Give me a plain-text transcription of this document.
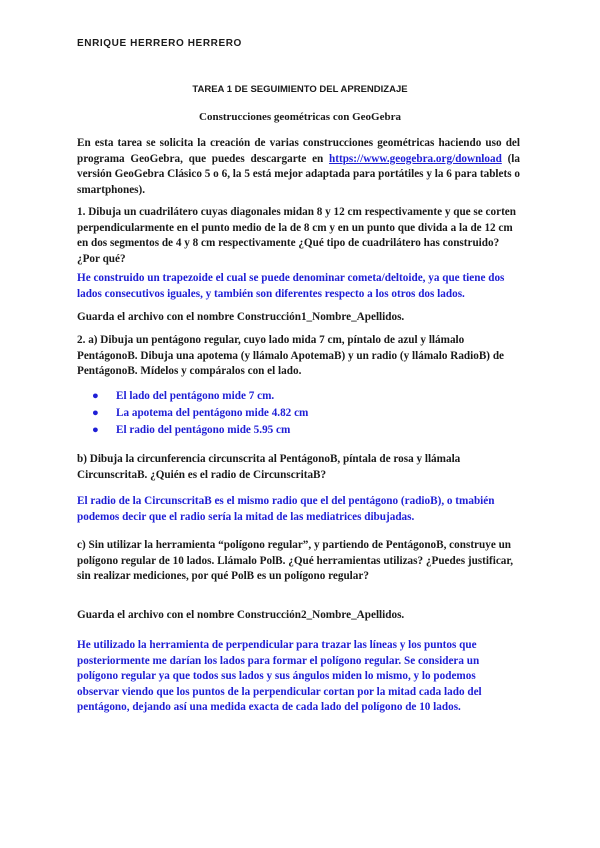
ENRIQUE HERRERO HERRERO
TAREA 1 DE SEGUIMIENTO DEL APRENDIZAJE
Construcciones geométricas con GeoGebra

En esta tarea se solicita la creación de varias construcciones geométricas haciendo uso del programa GeoGebra, que puedes descargarte en https://www.geogebra.org/download (la versión GeoGebra Clásico 5 o 6, la 5 está mejor adaptada para portátiles y la 6 para tablets o smartphones).

1. Dibuja un cuadrilátero cuyas diagonales midan 8 y 12 cm respectivamente y que se corten perpendicularmente en el punto medio de la de 8 cm y en un punto que divida a la de 12 cm en dos segmentos de 4 y 8 cm respectivamente ¿Qué tipo de cuadrilátero has construido? ¿Por qué?

He construido un trapezoide el cual se puede denominar cometa/deltoide, ya que tiene dos lados consecutivos iguales, y también son diferentes respecto a los otros dos lados.

Guarda el archivo con el nombre Construcción1_Nombre_Apellidos.

2. a) Dibuja un pentágono regular, cuyo lado mida 7 cm, píntalo de azul y llámalo PentágonoB. Dibuja una apotema (y llámalo ApotemaB) y un radio (y llámalo RadioB) de PentágonoB. Mídelos y compáralos con el lado.

● El lado del pentágono mide 7 cm.
● La apotema del pentágono mide 4.82 cm
● El radio del pentágono mide 5.95 cm

b) Dibuja la circunferencia circunscrita al PentágonoB, píntala de rosa y llámala CircunscritaB. ¿Quién es el radio de CircunscritaB?

El radio de la CircunscritaB es el mismo radio que el del pentágono (radioB), o tmabién podemos decir que el radio sería la mitad de las mediatrices dibujadas.

c) Sin utilizar la herramienta “polígono regular”, y partiendo de PentágonoB, construye un polígono regular de 10 lados. Llámalo PolB. ¿Qué herramientas utilizas? ¿Puedes justificar, sin realizar mediciones, por qué PolB es un polígono regular?

Guarda el archivo con el nombre Construcción2_Nombre_Apellidos.

He utilizado la herramienta de perpendicular para trazar las líneas y los puntos que posteriormente me darían los lados para formar el polígono regular. Se considera un polígono regular ya que todos sus lados y sus ángulos miden lo mismo, y lo podemos observar viendo que los puntos de la perpendicular cortan por la mitad cada lado del pentágono, dejando así una medida exacta de cada lado del polígono de 10 lados.
